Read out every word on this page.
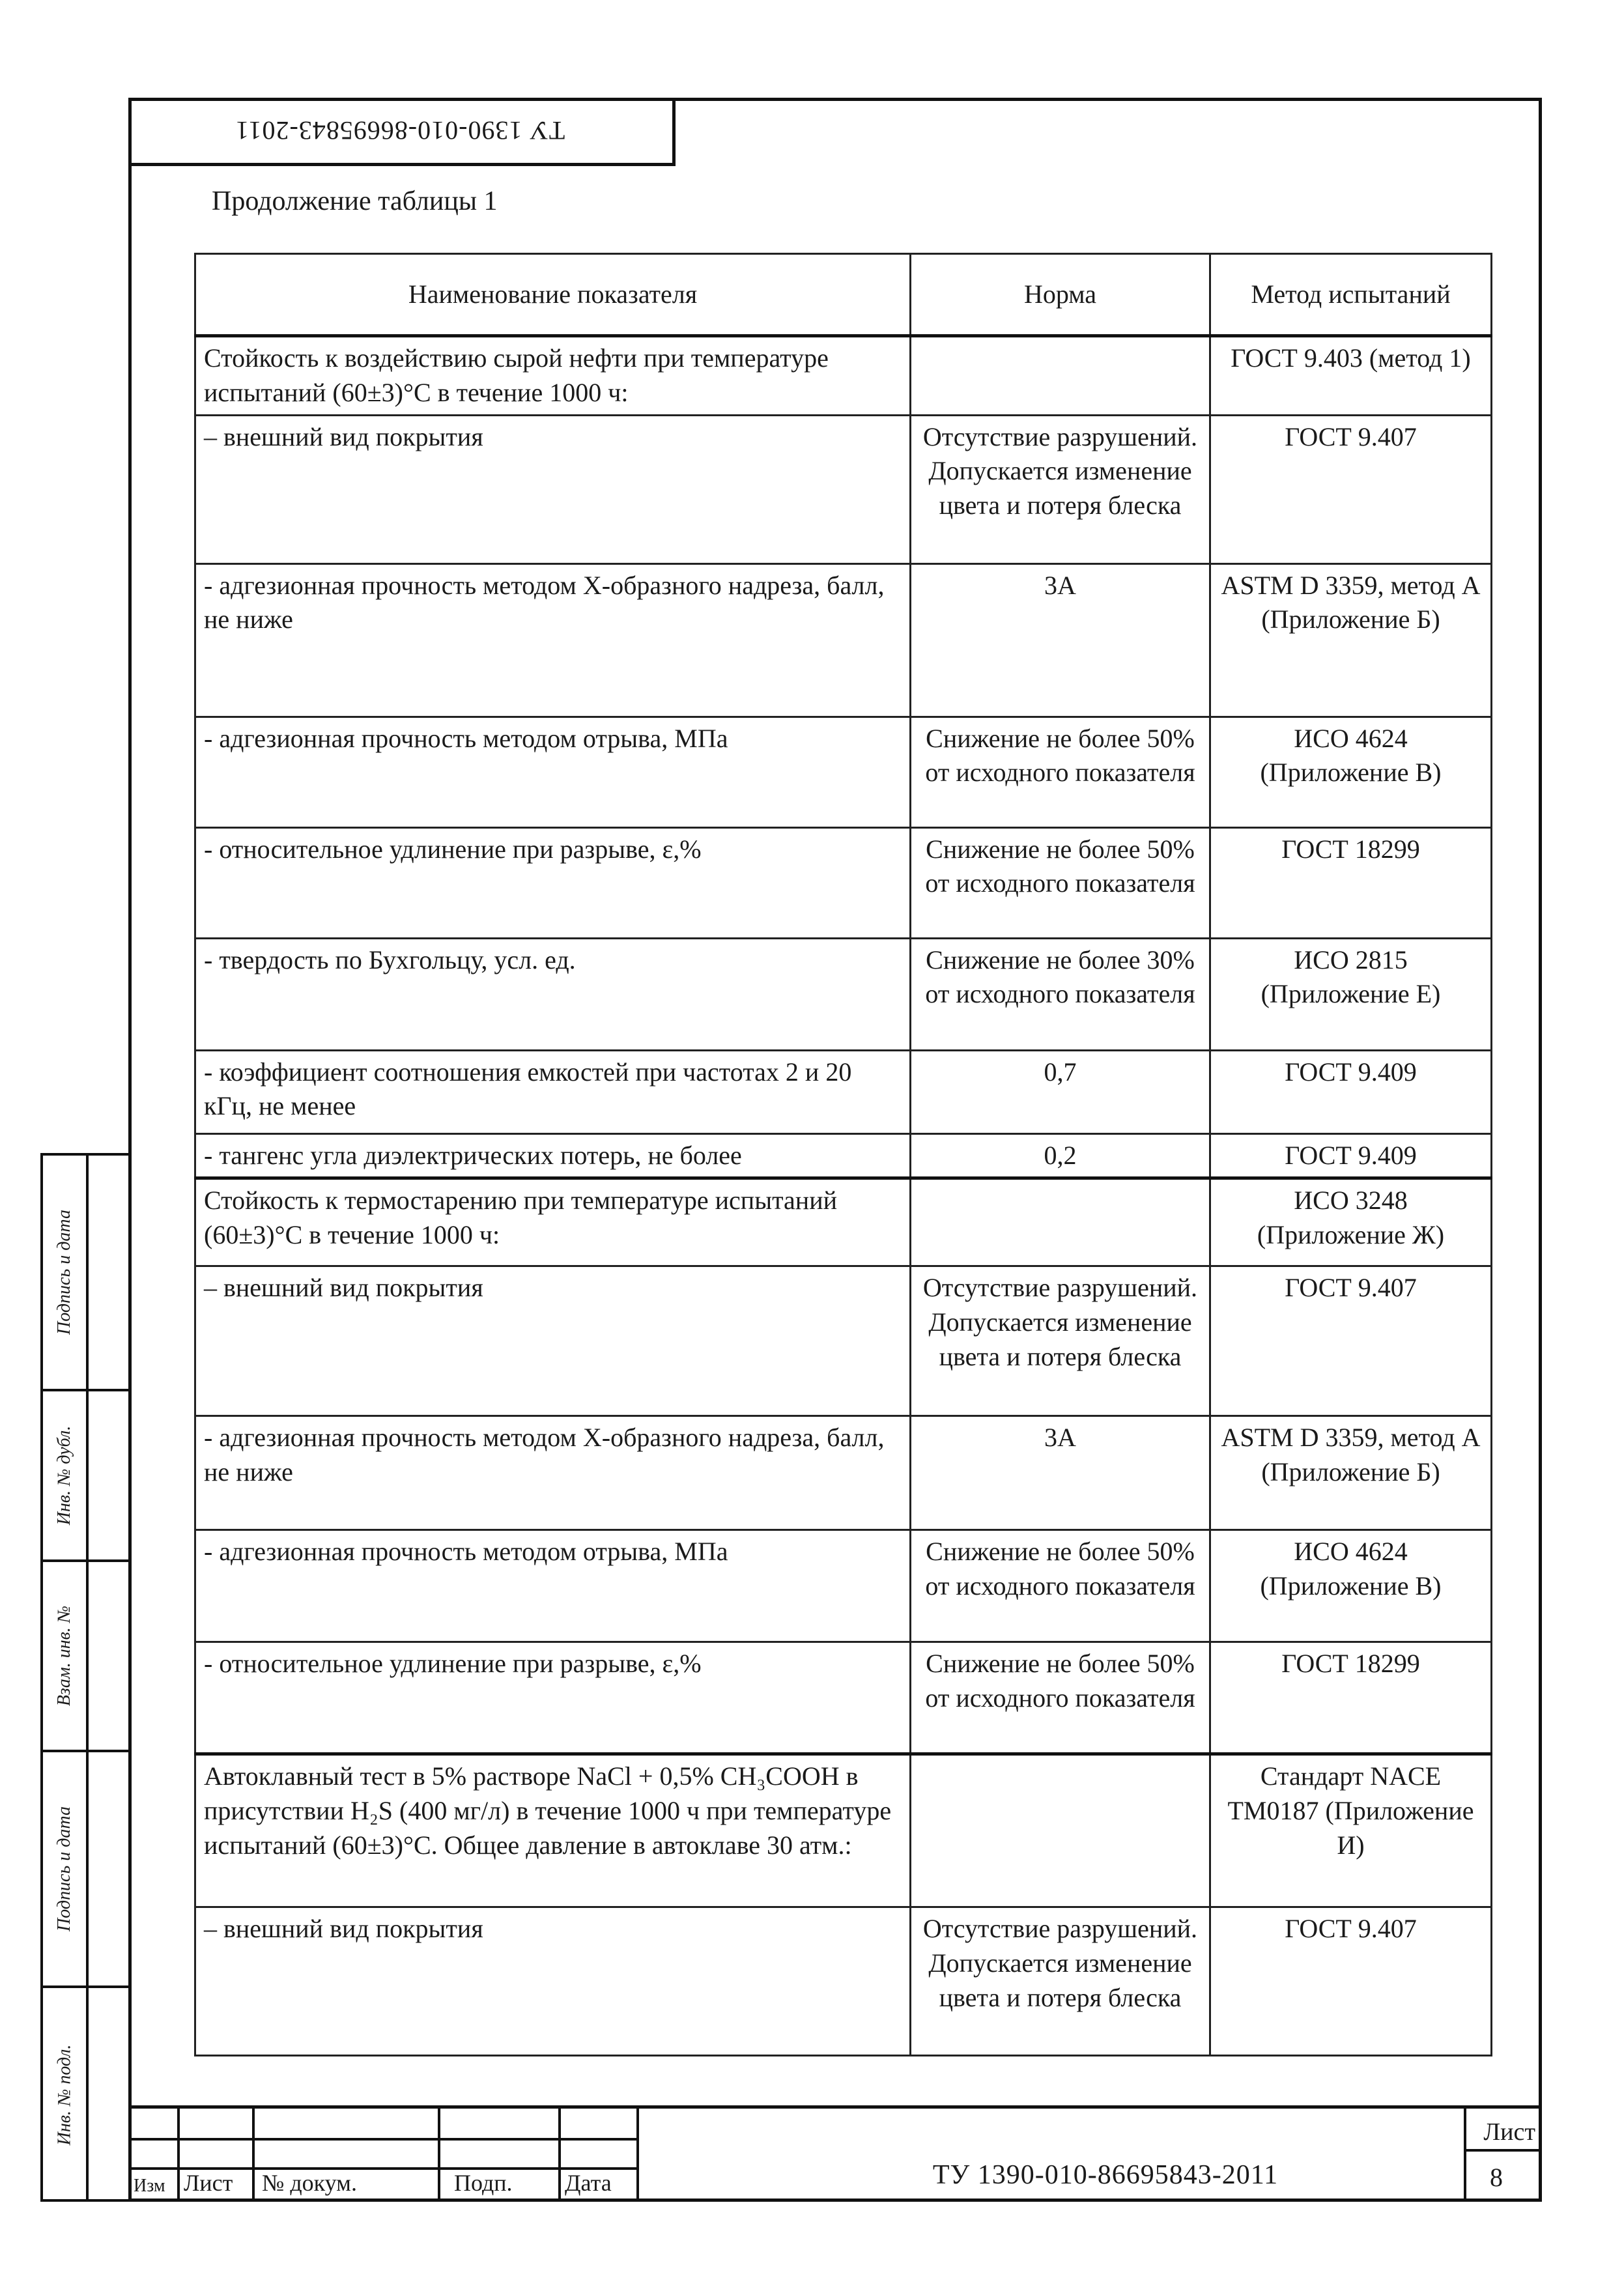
ТУ 1390-010-86695843-2011
Продолжение таблицы 1
Наименование показателя	Норма	Метод испытаний
Стойкость к воздействию сырой нефти при температуре испытаний (60±3)°С в течение 1000 ч:		ГОСТ 9.403 (метод 1)
– внешний вид покрытия	Отсутствие разрушений. Допускается изменение цвета и потеря блеска	ГОСТ 9.407
- адгезионная прочность методом Х-образного надреза, балл, не ниже	3А	ASTM D 3359, метод А (Приложение Б)
- адгезионная прочность методом отрыва, МПа	Снижение не более 50% от исходного показателя	ИСО 4624 (Приложение В)
- относительное удлинение при разрыве, ε,%	Снижение не более 50% от исходного показателя	ГОСТ 18299
- твердость по Бухгольцу, усл. ед.	Снижение не более 30% от исходного показателя	ИСО 2815 (Приложение Е)
- коэффициент соотношения емкостей при частотах 2 и 20 кГц, не менее	0,7	ГОСТ 9.409
- тангенс угла диэлектрических потерь, не более	0,2	ГОСТ 9.409
Стойкость к термостарению при температуре испытаний (60±3)°С в течение 1000 ч:		ИСО 3248 (Приложение Ж)
– внешний вид покрытия	Отсутствие разрушений. Допускается изменение цвета и потеря блеска	ГОСТ 9.407
- адгезионная прочность методом Х-образного надреза, балл, не ниже	3А	ASTM D 3359, метод А (Приложение Б)
- адгезионная прочность методом отрыва, МПа	Снижение не более 50% от исходного показателя	ИСО 4624 (Приложение В)
- относительное удлинение при разрыве, ε,%	Снижение не более 50% от исходного показателя	ГОСТ 18299
Автоклавный тест в 5% растворе NaCl + 0,5% CH₃COOH в присутствии H₂S (400 мг/л) в течение 1000 ч при температуре испытаний (60±3)°С. Общее давление в автоклаве 30 атм.:		Стандарт NACE TM0187 (Приложение И)
– внешний вид покрытия	Отсутствие разрушений. Допускается изменение цвета и потеря блеска	ГОСТ 9.407
Подпись и дата
Инв. № дубл.
Взам. инв. №
Подпись и дата
Инв. № подл.
Изм Лист № докум.	Подп. Дата	ТУ 1390-010-86695843-2011
Лист
8
